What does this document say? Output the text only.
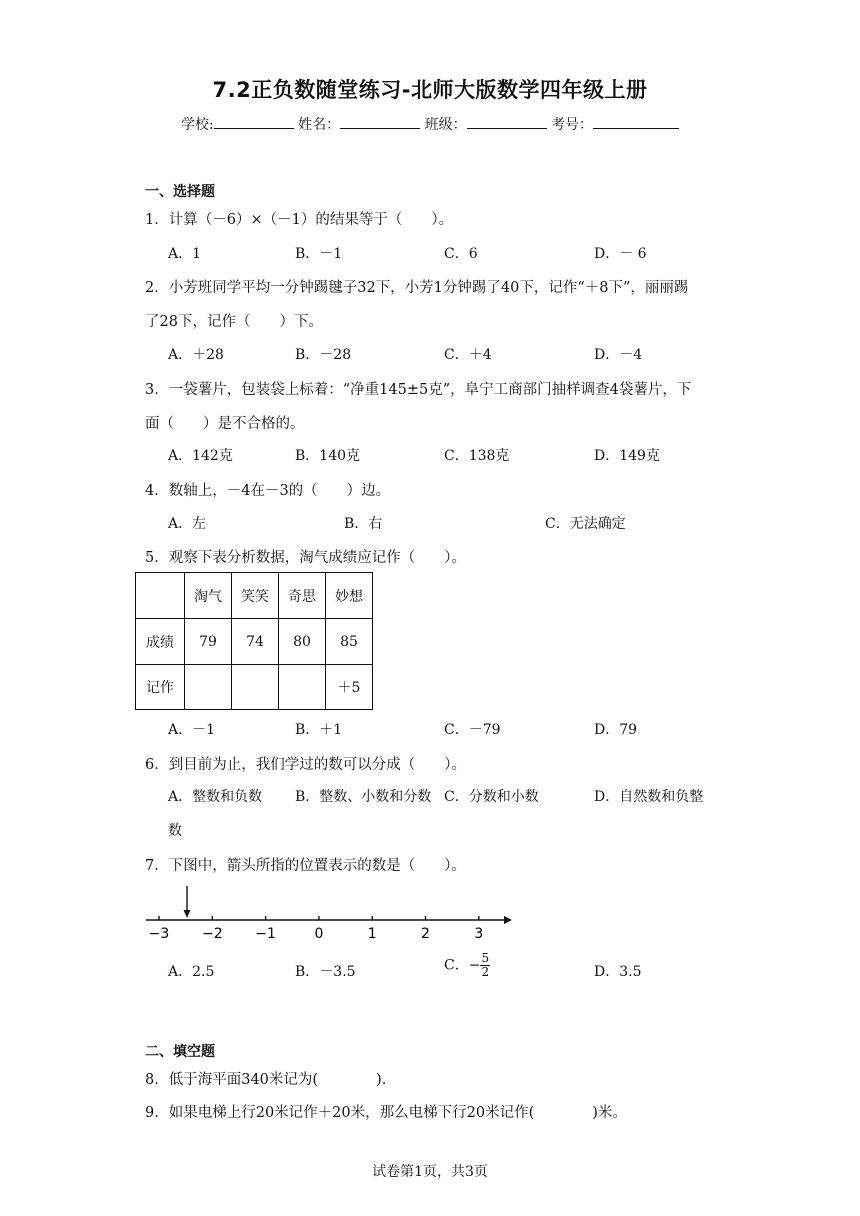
7.2正负数随堂练习-北师大版数学四年级上册
学校:	姓名：	班级：	考号：
一、选择题
1．计算（－6）×（－1）的结果等于（　　）。
A．1	B．－1	C．6	D．－ 6
2．小芳班同学平均一分钟踢毽子32下，小芳1分钟踢了40下，记作“＋8下”，丽丽踢
了28下，记作（　　）下。
A．＋28	B．－28	C．＋4	D．－4
3．一袋薯片，包装袋上标着：“净重145±5克”，阜宁工商部门抽样调查4袋薯片，下
面（　　）是不合格的。
A．142克	B．140克	C．138克	D．149克
4．数轴上，－4在－3的（　　）边。
A．左	B．右	C．无法确定
5．观察下表分析数据，淘气成绩应记作（　　）。
	淘气	笑笑	奇思	妙想
成绩	79	74	80	85
记作				＋5
A．－1	B．＋1	C．－79	D．79
6．到目前为止，我们学过的数可以分成（　　）。
A．整数和负数 B．整数、小数和分数 C．分数和小数	D．自然数和负整
数
7．下图中，箭头所指的位置表示的数是（　　）。
−3 −2 −1	0	1	2	3
A．2.5	B．－3.5	C．− $\frac{5}{2}$	D．3.5
二、填空题
8．低于海平面340米记为(　　　　).
9．如果电梯上行20米记作＋20米，那么电梯下行20米记作(　　　　)米。
试卷第1页，共3页
